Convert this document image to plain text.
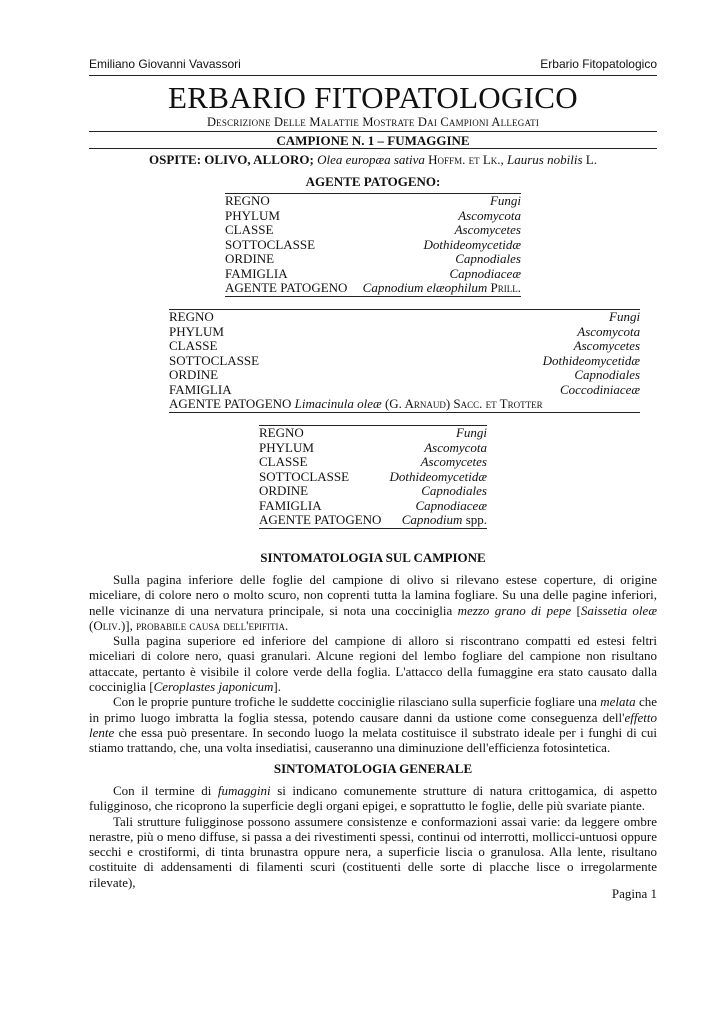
Emiliano Giovanni Vavassori	Erbario Fitopatologico
ERBARIO FITOPATOLOGICO
Descrizione Delle Malattie Mostrate Dai Campioni Allegati
CAMPIONE N. 1 – FUMAGGINE
OSPITE: OLIVO, ALLORO; Olea europæa sativa Hoffm. et Lk., Laurus nobilis L.
AGENTE PATOGENO:
REGNO	Fungi
PHYLUM	Ascomycota
CLASSE	Ascomycetes
SOTTOCLASSE	Dothideomycetidæ
ORDINE	Capnodiales
FAMIGLIA	Capnodiaceæ
AGENTE PATOGENO	Capnodium elæophilum Prill.
REGNO	Fungi
PHYLUM	Ascomycota
CLASSE	Ascomycetes
SOTTOCLASSE	Dothideomycetidæ
ORDINE	Capnodiales
FAMIGLIA	Coccodiniaceæ
AGENTE PATOGENO Limacinula oleæ (G. Arnaud) Sacc. et Trotter	
REGNO	Fungi
PHYLUM	Ascomycota
CLASSE	Ascomycetes
SOTTOCLASSE	Dothideomycetidæ
ORDINE	Capnodiales
FAMIGLIA	Capnodiaceæ
AGENTE PATOGENO	Capnodium spp.
SINTOMATOLOGIA SUL CAMPIONE

Sulla pagina inferiore delle foglie del campione di olivo si rilevano estese coperture, di origine miceliare, di colore nero o molto scuro, non coprenti tutta la lamina fogliare. Su una delle pagine inferiori, nelle vicinanze di una nervatura principale, si nota una cocciniglia mezzo grano di pepe [Saissetia oleæ (Oliv.)], probabile causa dell'epifitia.

Sulla pagina superiore ed inferiore del campione di alloro si riscontrano compatti ed estesi feltri miceliari di colore nero, quasi granulari. Alcune regioni del lembo fogliare del campione non risultano attaccate, pertanto è visibile il colore verde della foglia. L'attacco della fumaggine era stato causato dalla cocciniglia [Ceroplastes japonicum].

Con le proprie punture trofiche le suddette cocciniglie rilasciano sulla superficie fogliare una melata che in primo luogo imbratta la foglia stessa, potendo causare danni da ustione come conseguenza dell'effetto lente che essa può presentare. In secondo luogo la melata costituisce il substrato ideale per i funghi di cui stiamo trattando, che, una volta insediatisi, causeranno una diminuzione dell'efficienza fotosintetica.

SINTOMATOLOGIA GENERALE

Con il termine di fumaggini si indicano comunemente strutture di natura crittogamica, di aspetto fuligginoso, che ricoprono la superficie degli organi epigei, e soprattutto le foglie, delle più svariate piante.

Tali strutture fuligginose possono assumere consistenze e conformazioni assai varie: da leggere ombre nerastre, più o meno diffuse, si passa a dei rivestimenti spessi, continui od interrotti, mollicci-untuosi oppure secchi e crostiformi, di tinta brunastra oppure nera, a superficie liscia o granulosa. Alla lente, risultano costituite di addensamenti di filamenti scuri (costituenti delle sorte di placche lisce o irregolarmente rilevate),

Pagina 1
